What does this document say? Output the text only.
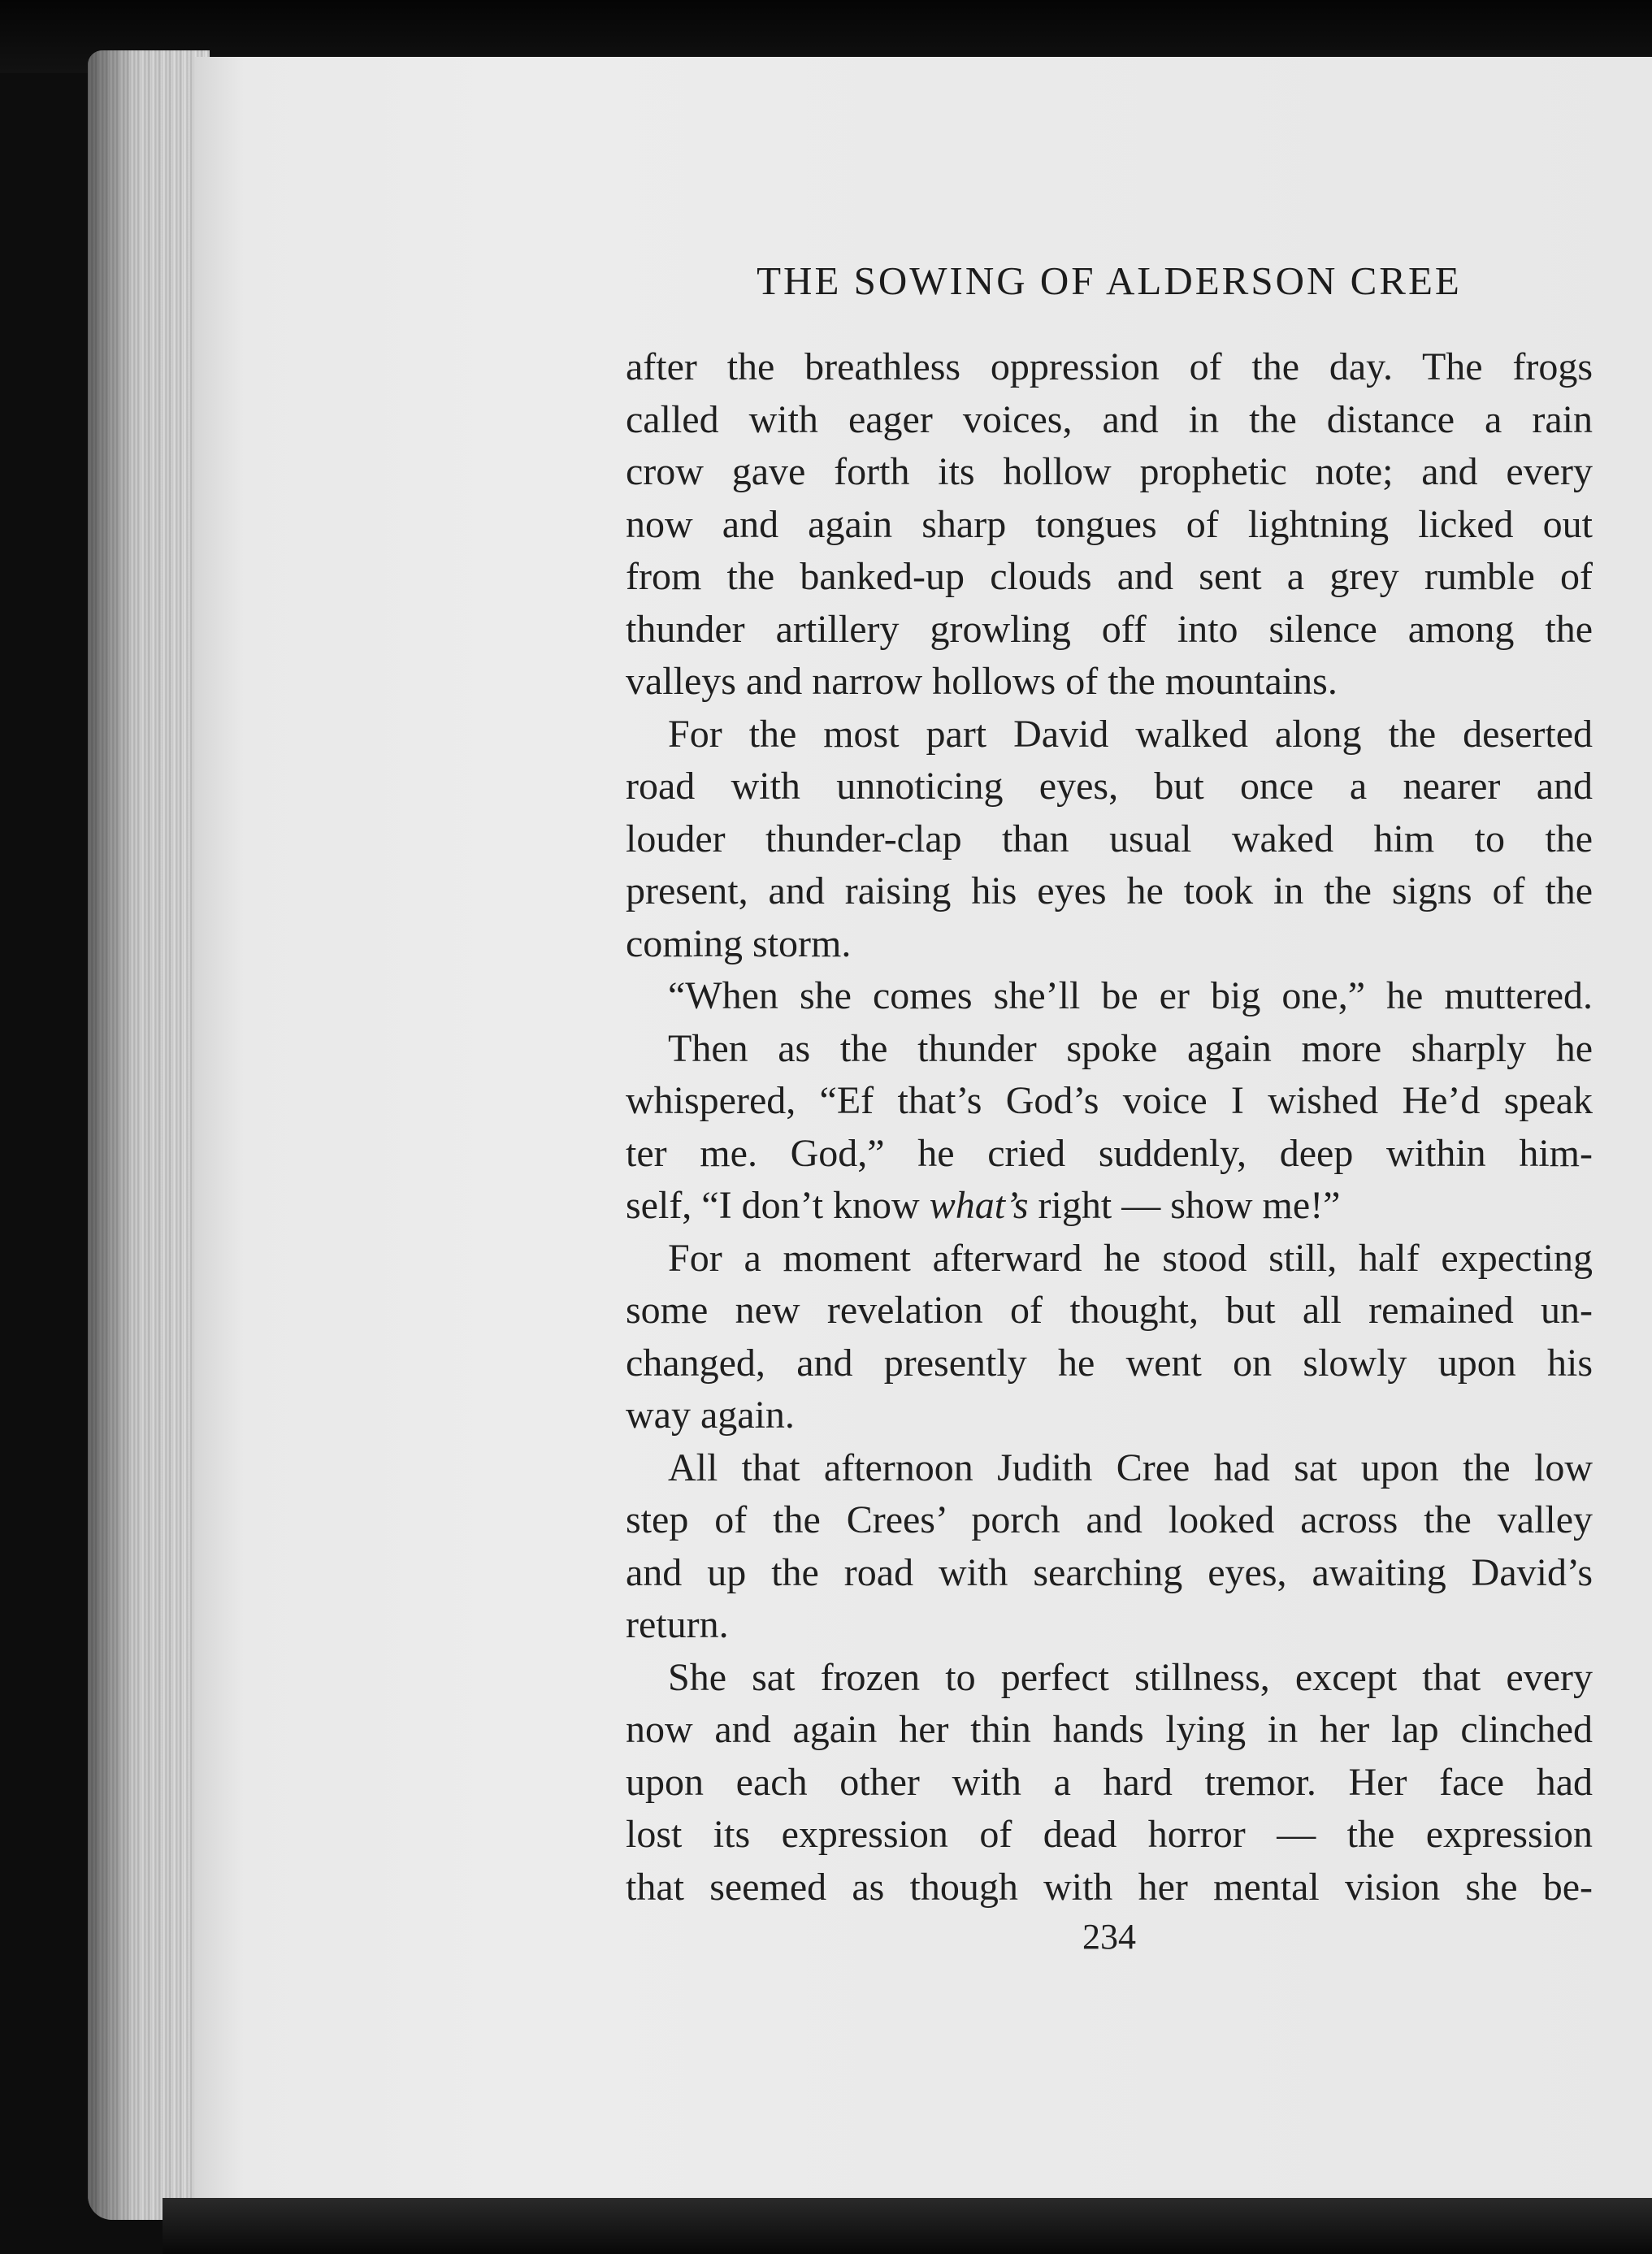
THE SOWING OF ALDERSON CREE
after the breathless oppression of the day. The frogs
called with eager voices, and in the distance a rain
crow gave forth its hollow prophetic note; and every
now and again sharp tongues of lightning licked out
from the banked-up clouds and sent a grey rumble of
thunder artillery growling off into silence among the
valleys and narrow hollows of the mountains.
For the most part David walked along the deserted
road with unnoticing eyes, but once a nearer and
louder thunder-clap than usual waked him to the
present, and raising his eyes he took in the signs of the
coming storm.
“When she comes she’ll be er big one,” he muttered.
Then as the thunder spoke again more sharply he
whispered, “Ef that’s God’s voice I wished He’d speak
ter me. God,” he cried suddenly, deep within him-
self, “I don’t know what’s right — show me!”
For a moment afterward he stood still, half expecting
some new revelation of thought, but all remained un-
changed, and presently he went on slowly upon his
way again.
All that afternoon Judith Cree had sat upon the low
step of the Crees’ porch and looked across the valley
and up the road with searching eyes, awaiting David’s
return.
She sat frozen to perfect stillness, except that every
now and again her thin hands lying in her lap clinched
upon each other with a hard tremor. Her face had
lost its expression of dead horror — the expression
that seemed as though with her mental vision she be-
234
